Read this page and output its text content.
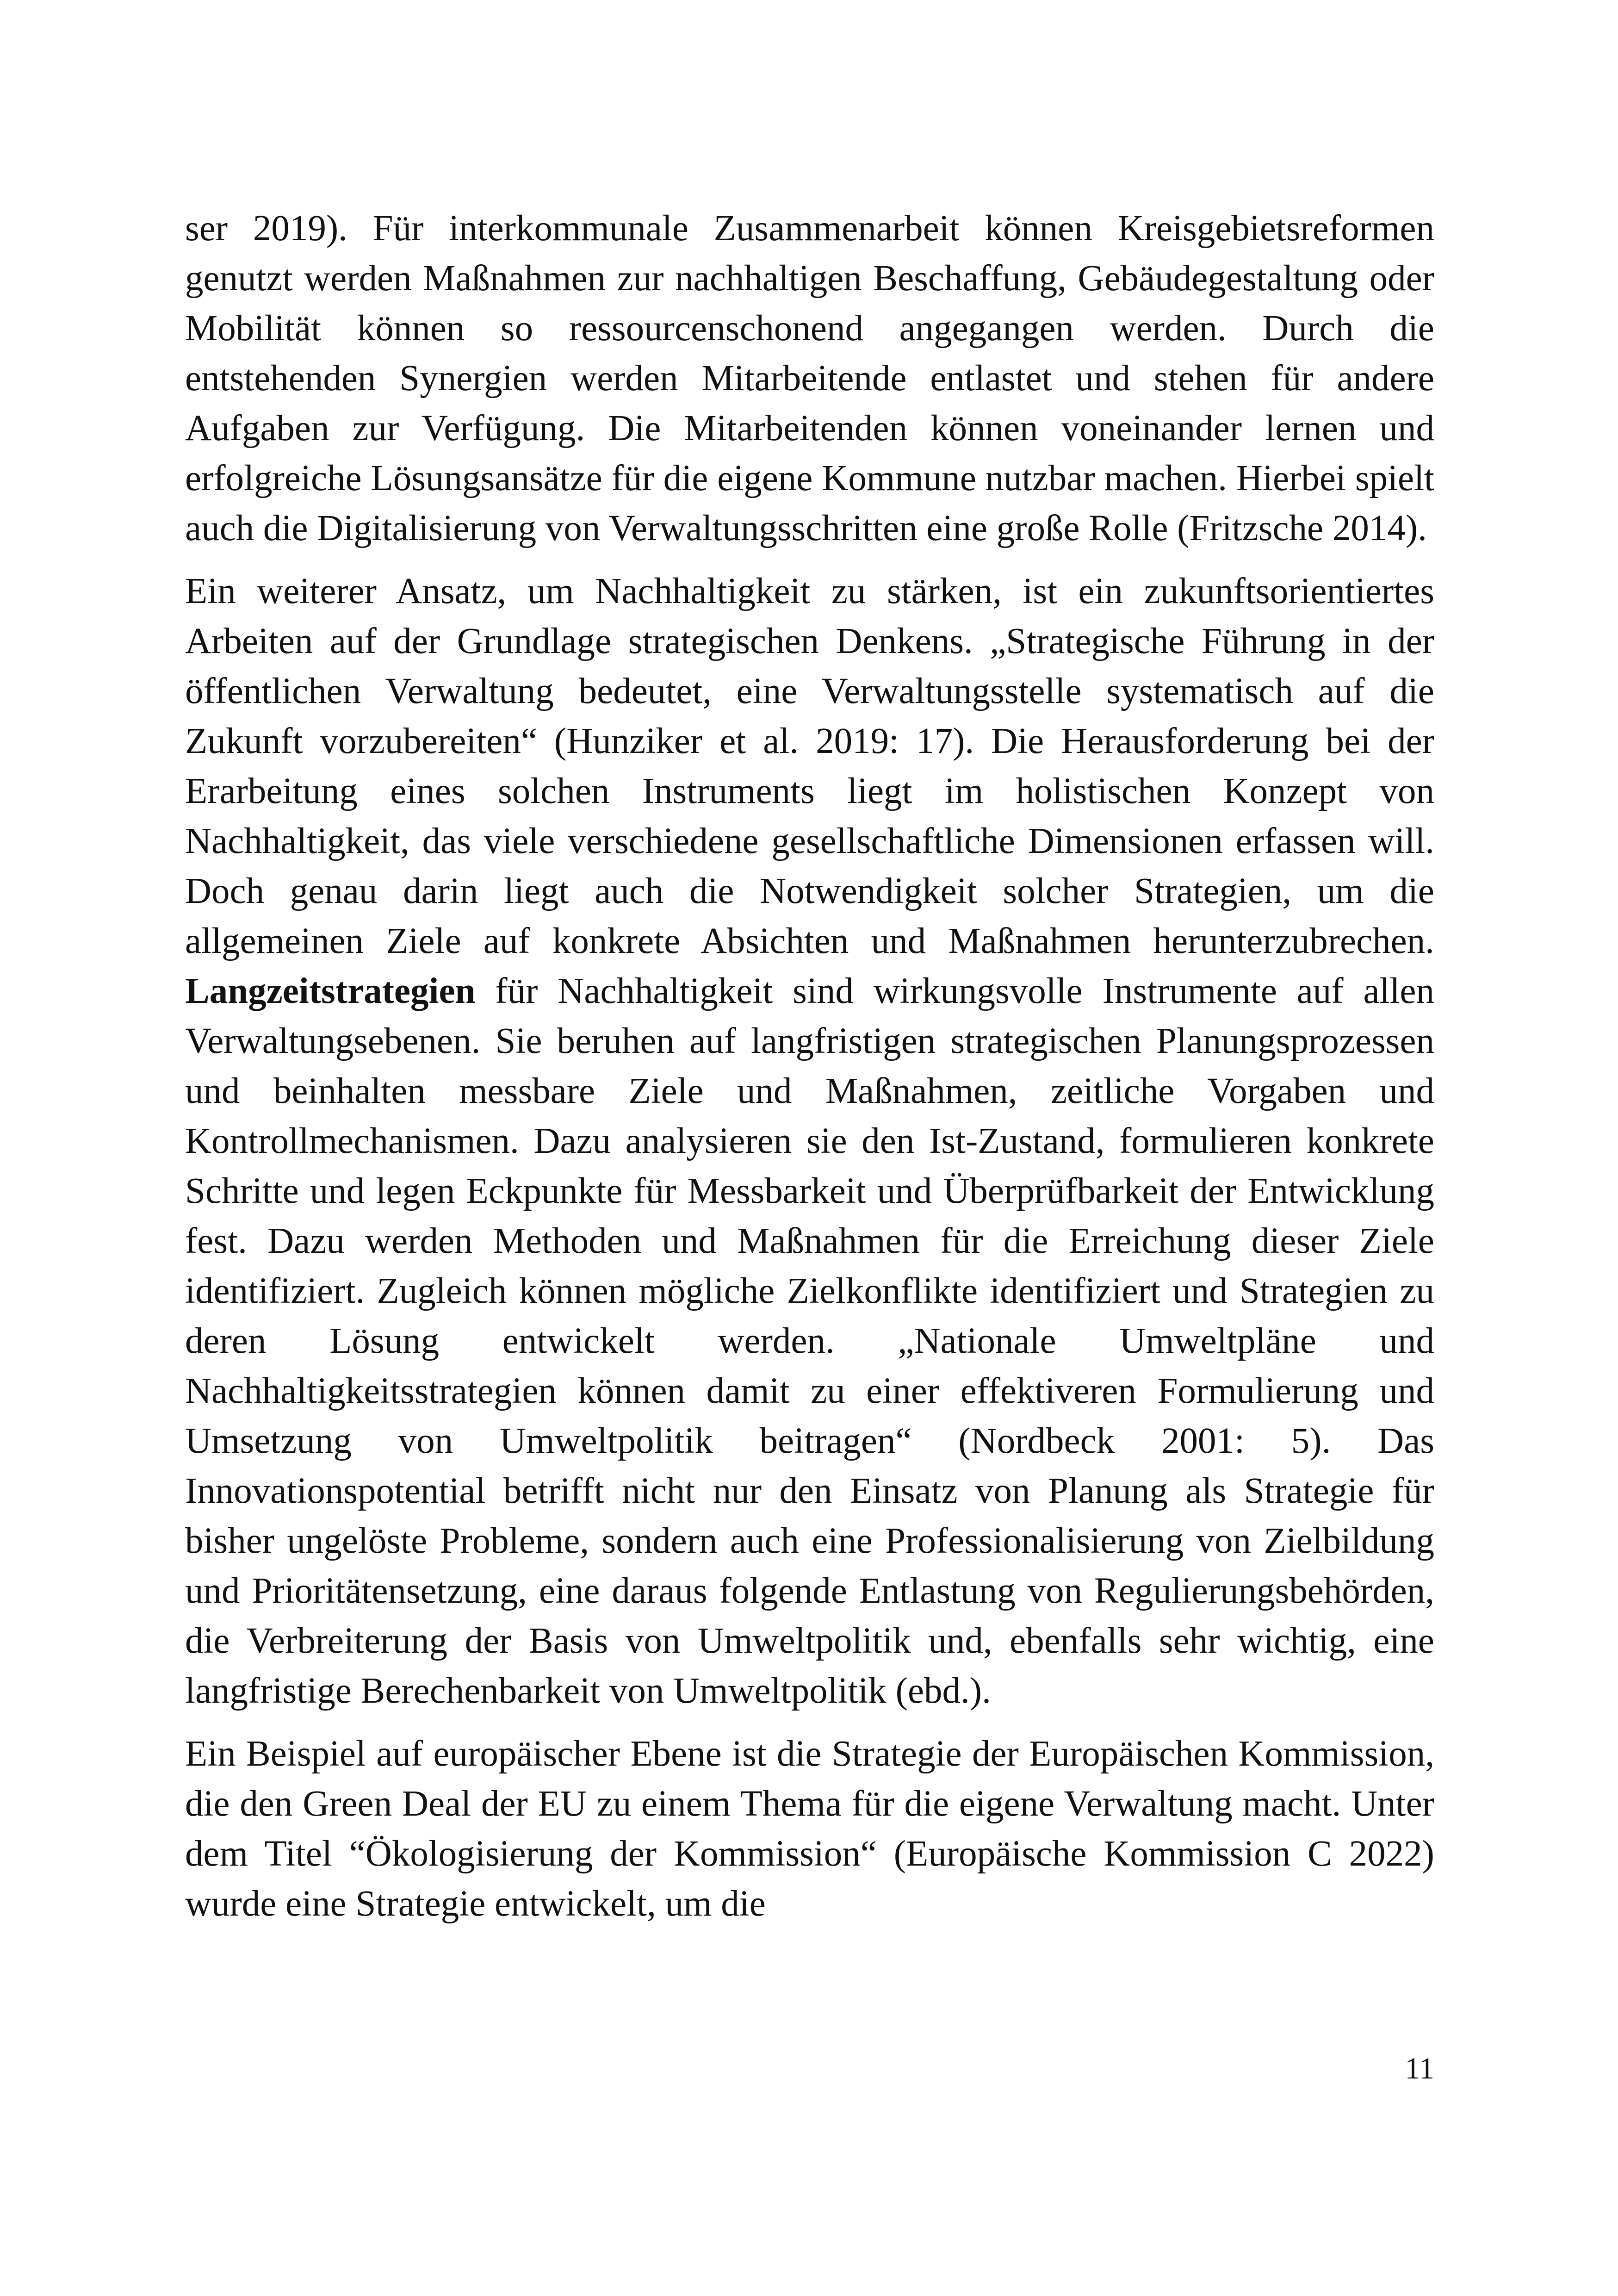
ser 2019). Für interkommunale Zusammenarbeit können Kreisgebietsreformen genutzt werden Maßnahmen zur nachhaltigen Beschaffung, Gebäudegestaltung oder Mobilität können so ressourcenschonend angegangen werden. Durch die entstehenden Synergien werden Mitarbeitende entlastet und stehen für andere Aufgaben zur Verfügung. Die Mitarbeitenden können voneinander lernen und erfolgreiche Lösungsansätze für die eigene Kommune nutzbar machen. Hierbei spielt auch die Digitalisierung von Verwaltungsschritten eine große Rolle (Fritzsche 2014).

Ein weiterer Ansatz, um Nachhaltigkeit zu stärken, ist ein zukunftsorientiertes Arbeiten auf der Grundlage strategischen Denkens. „Strategische Führung in der öffentlichen Verwaltung bedeutet, eine Verwaltungsstelle systematisch auf die Zukunft vorzubereiten“ (Hunziker et al. 2019: 17). Die Herausforderung bei der Erarbeitung eines solchen Instruments liegt im holistischen Konzept von Nachhaltigkeit, das viele verschiedene gesellschaftliche Dimensionen erfassen will. Doch genau darin liegt auch die Notwendigkeit solcher Strategien, um die allgemeinen Ziele auf konkrete Absichten und Maßnahmen herunterzubrechen. Langzeitstrategien für Nachhaltigkeit sind wirkungsvolle Instrumente auf allen Verwaltungsebenen. Sie beruhen auf langfristigen strategischen Planungsprozessen und beinhalten messbare Ziele und Maßnahmen, zeitliche Vorgaben und Kontrollmechanismen. Dazu analysieren sie den Ist-Zustand, formulieren konkrete Schritte und legen Eckpunkte für Messbarkeit und Überprüfbarkeit der Entwicklung fest. Dazu werden Methoden und Maßnahmen für die Erreichung dieser Ziele identifiziert. Zugleich können mögliche Zielkonflikte identifiziert und Strategien zu deren Lösung entwickelt werden. „Nationale Umweltpläne und Nachhaltigkeitsstrategien können damit zu einer effektiveren Formulierung und Umsetzung von Umweltpolitik beitragen“ (Nordbeck 2001: 5). Das Innovationspotential betrifft nicht nur den Einsatz von Planung als Strategie für bisher ungelöste Probleme, sondern auch eine Professionalisierung von Zielbildung und Prioritätensetzung, eine daraus folgende Entlastung von Regulierungsbehörden, die Verbreiterung der Basis von Umweltpolitik und, ebenfalls sehr wichtig, eine langfristige Berechenbarkeit von Umweltpolitik (ebd.).

Ein Beispiel auf europäischer Ebene ist die Strategie der Europäischen Kommission, die den Green Deal der EU zu einem Thema für die eigene Verwaltung macht. Unter dem Titel “Ökologisierung der Kommission“ (Europäische Kommission C 2022) wurde eine Strategie entwickelt, um die

11
